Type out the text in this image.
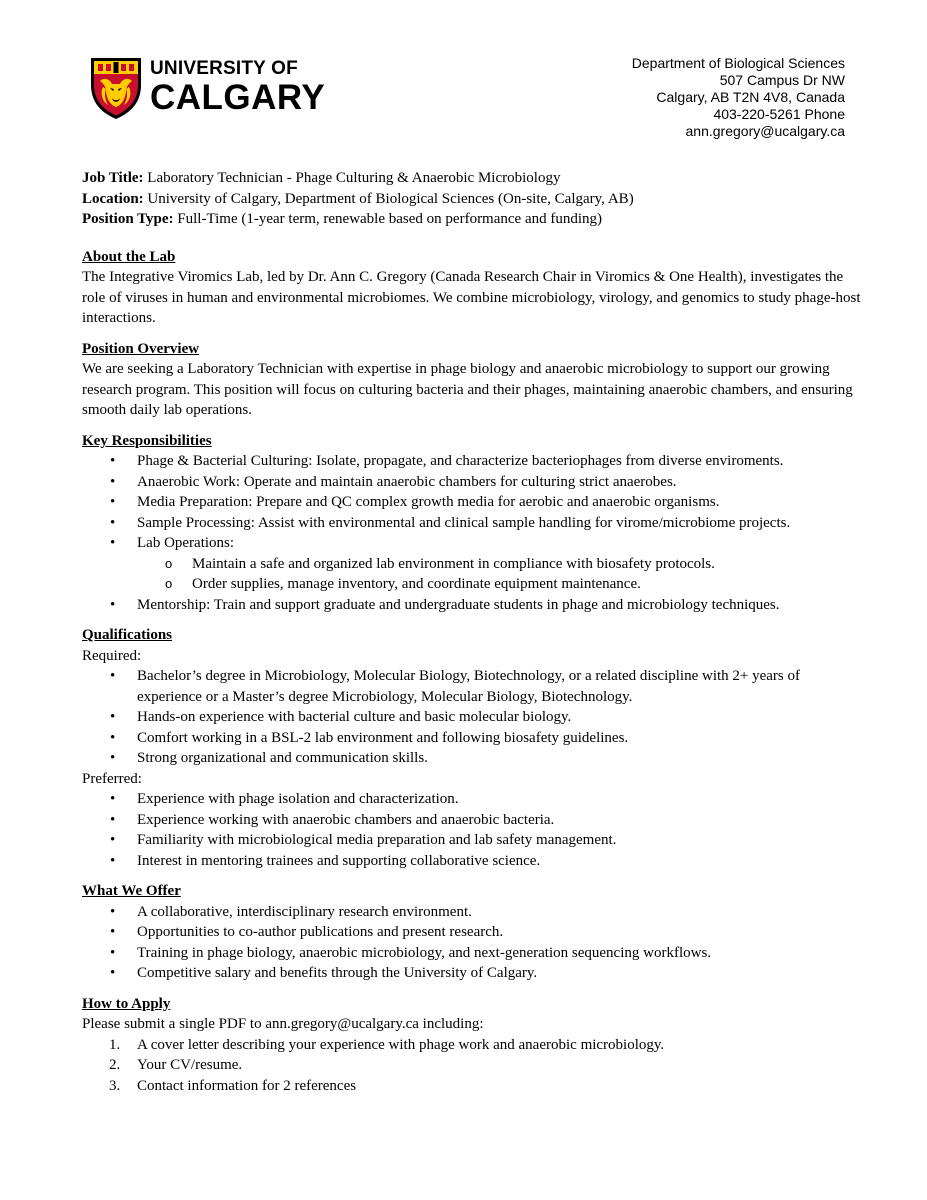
UNIVERSITY OF
CALGARY
Department of Biological Sciences
507 Campus Dr NW
Calgary, AB T2N 4V8, Canada
403-220-5261 Phone
ann.gregory@ucalgary.ca
Job Title: Laboratory Technician - Phage Culturing & Anaerobic Microbiology
Location: University of Calgary, Department of Biological Sciences (On-site, Calgary, AB)
Position Type: Full-Time (1-year term, renewable based on performance and funding)
About the Lab

The Integrative Viromics Lab, led by Dr. Ann C. Gregory (Canada Research Chair in Viromics & One Health), investigates the role of viruses in human and environmental microbiomes. We combine microbiology, virology, and genomics to study phage-host interactions.

Position Overview

We are seeking a Laboratory Technician with expertise in phage biology and anaerobic microbiology to support our growing research program. This position will focus on culturing bacteria and their phages, maintaining anaerobic chambers, and ensuring smooth daily lab operations.

Key Responsibilities
• Phage & Bacterial Culturing: Isolate, propagate, and characterize bacteriophages from diverse enviroments.
• Anaerobic Work: Operate and maintain anaerobic chambers for culturing strict anaerobes.
• Media Preparation: Prepare and QC complex growth media for aerobic and anaerobic organisms.
• Sample Processing: Assist with environmental and clinical sample handling for virome/microbiome projects.
• Lab Operations:
o Maintain a safe and organized lab environment in compliance with biosafety protocols.
o Order supplies, manage inventory, and coordinate equipment maintenance.
• Mentorship: Train and support graduate and undergraduate students in phage and microbiology techniques.
Qualifications
Required:
• Bachelor’s degree in Microbiology, Molecular Biology, Biotechnology, or a related discipline with 2+ years of experience or a Master’s degree Microbiology, Molecular Biology, Biotechnology.
• Hands-on experience with bacterial culture and basic molecular biology.
• Comfort working in a BSL-2 lab environment and following biosafety guidelines.
• Strong organizational and communication skills.
Preferred:
• Experience with phage isolation and characterization.
• Experience working with anaerobic chambers and anaerobic bacteria.
• Familiarity with microbiological media preparation and lab safety management.
• Interest in mentoring trainees and supporting collaborative science.
What We Offer
• A collaborative, interdisciplinary research environment.
• Opportunities to co-author publications and present research.
• Training in phage biology, anaerobic microbiology, and next-generation sequencing workflows.
• Competitive salary and benefits through the University of Calgary.
How to Apply
Please submit a single PDF to ann.gregory@ucalgary.ca including:
1. A cover letter describing your experience with phage work and anaerobic microbiology.
2. Your CV/resume.
3. Contact information for 2 references
